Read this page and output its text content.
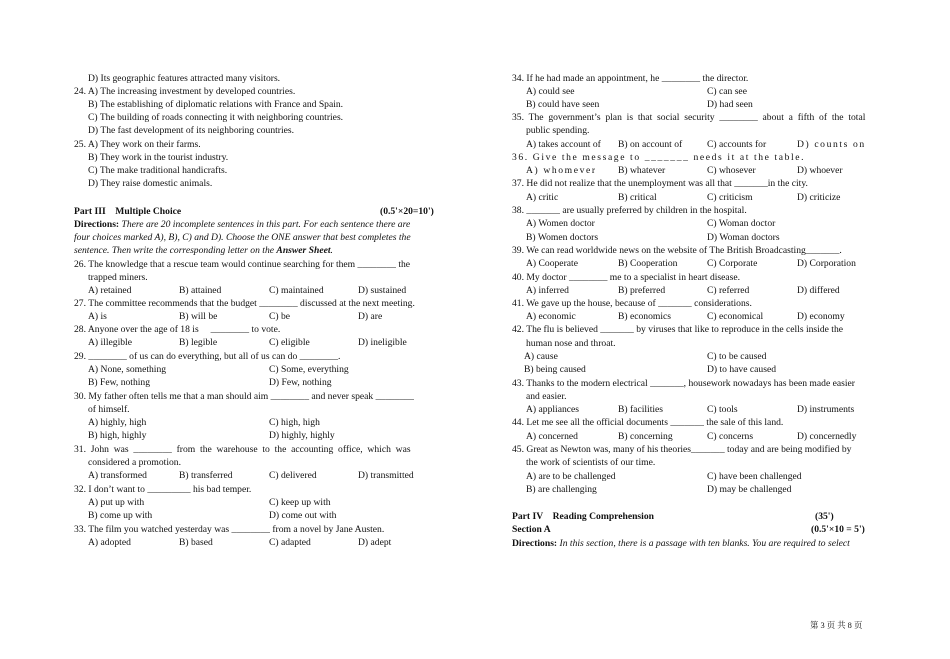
D) Its geographic features attracted many visitors.
24. A) The increasing investment by developed countries.
B) The establishing of diplomatic relations with France and Spain.
C) The building of roads connecting it with neighboring countries.
D) The fast development of its neighboring countries.
25. A) They work on their farms.
B) They work in the tourist industry.
C) The make traditional handicrafts.
D) They raise domestic animals.
Part III    Multiple Choice	(0.5'×20=10')
Directions: There are 20 incomplete sentences in this part. For each sentence there are
four choices marked A), B), C) and D). Choose the ONE answer that best completes the
sentence. Then write the corresponding letter on the Answer Sheet.
26. The knowledge that a rescue team would continue searching for them ________ the
trapped miners.
A) retained	B) attained	C) maintained	D) sustained
27. The committee recommends that the budget ________ discussed at the next meeting.
A) is	B) will be	C) be	D) are
28. Anyone over the age of 18 is     ________ to vote.
A) illegible	B) legible	C) eligible	D) ineligible
29. ________ of us can do everything, but all of us can do ________.
A) None, something	C) Some, everything
B) Few, nothing	D) Few, nothing
30. My father often tells me that a man should aim ________ and never speak ________
of himself.
A) highly, high	C) high, high
B) high, highly	D) highly, highly
31.  John  was  ________  from  the  warehouse  to  the  accounting  office,  which  was
considered a promotion.
A) transformed	B) transferred	C) delivered	D) transmitted
32. I don’t want to _________ his bad temper.
A) put up with	C) keep up with
B) come up with	D) come out with
33. The film you watched yesterday was ________ from a novel by Jane Austen.
A) adopted	B) based	C) adapted	D) adept
34. If he had made an appointment, he ________ the director.
A) could see	C) can see
B) could have seen	D) had seen
35.  The  government’s  plan  is  that  social  security  ________  about  a  fifth  of  the  total
public spending.
A) takes account of B) on account of	C) accounts for	D) counts on
36. Give the message to _______ needs it at the table.
A) whomever B) whatever	C) whosever	D) whoever
37. He did not realize that the unemployment was all that _______in the city.
A) critic	B) critical	C) criticism	D) criticize
38. _______ are usually preferred by children in the hospital.
A) Women doctor	C) Woman doctor
B) Women doctors	D) Woman doctors
39. We can read worldwide news on the website of The British Broadcasting_______.
A) Cooperate	B) Cooperation	C) Corporate	D) Corporation
40. My doctor ________ me to a specialist in heart disease.
A) inferred	B) preferred	C) referred	D) differed
41. We gave up the house, because of _______ considerations.
A) economic	B) economics	C) economical	D) economy
42. The flu is believed _______ by viruses that like to reproduce in the cells inside the
human nose and throat.
A) cause	C) to be caused
B) being caused	D) to have caused
43. Thanks to the modern electrical _______, housework nowadays has been made easier
and easier.
A) appliances	B) facilities	C) tools	D) instruments
44. Let me see all the official documents _______ the sale of this land.
A) concerned	B) concerning	C) concerns	D) concernedly
45. Great as Newton was, many of his theories_______ today and are being modified by
the work of scientists of our time.
A) are to be challenged	C) have been challenged
B) are challenging	D) may be challenged
Part IV    Reading Comprehension	(35')
Section A	(0.5'×10 = 5')
Directions: In this section, there is a passage with ten blanks. You are required to select
第 3 页 共 8 页
